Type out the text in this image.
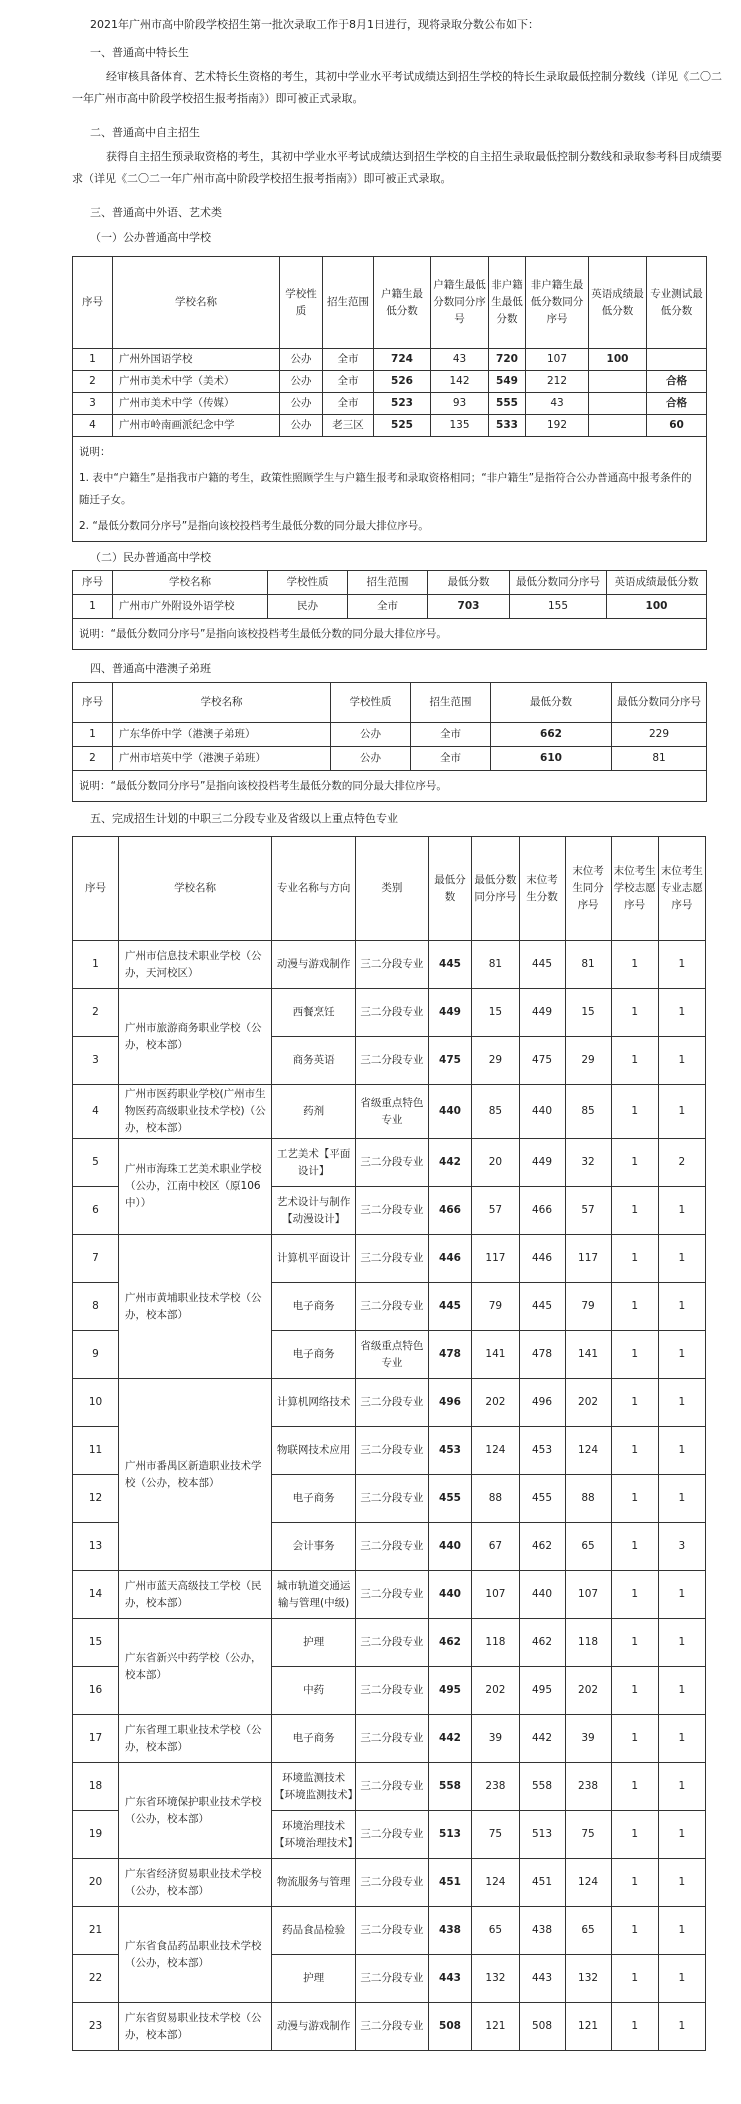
2021年广州市高中阶段学校招生第一批次录取工作于8月1日进行，现将录取分数公布如下：
一、普通高中特长生
经审核具备体育、艺术特长生资格的考生，其初中学业水平考试成绩达到招生学校的特长生录取最低控制分数线（详见《二〇二一年广州市高中阶段学校招生报考指南》）即可被正式录取。
二、普通高中自主招生
获得自主招生预录取资格的考生，其初中学业水平考试成绩达到招生学校的自主招生录取最低控制分数线和录取参考科目成绩要求（详见《二〇二一年广州市高中阶段学校招生报考指南》）即可被正式录取。
三、普通高中外语、艺术类
（一）公办普通高中学校
序号	学校名称	学校性质	招生范围	户籍生最低分数	户籍生最低分数同分序号	非户籍生最低分数	非户籍生最低分数同分序号	英语成绩最低分数	专业测试最低分数
1	广州外国语学校	公办	全市	724	43	720	107	100	
2	广州市美术中学（美术）	公办	全市	526	142	549	212		合格
3	广州市美术中学（传媒）	公办	全市	523	93	555	43		合格
4	广州市岭南画派纪念中学	公办	老三区	525	135	533	192		60

说明：
1. 表中“户籍生”是指我市户籍的考生，政策性照顾学生与户籍生报考和录取资格相同；“非户籍生”是指符合公办普通高中报考条件的随迁子女。
2. “最低分数同分序号”是指向该校投档考生最低分数的同分最大排位序号。									
（二）民办普通高中学校
序号	学校名称	学校性质	招生范围	最低分数	最低分数同分序号	英语成绩最低分数
1	广州市广外附设外语学校	民办	全市	703	155	100
说明：“最低分数同分序号”是指向该校投档考生最低分数的同分最大排位序号。						
四、普通高中港澳子弟班
序号	学校名称	学校性质	招生范围	最低分数	最低分数同分序号
1	广东华侨中学（港澳子弟班）	公办	全市	662	229
2	广州市培英中学（港澳子弟班）	公办	全市	610	81
说明：“最低分数同分序号”是指向该校投档考生最低分数的同分最大排位序号。					
五、完成招生计划的中职三二分段专业及省级以上重点特色专业
序号	学校名称	专业名称与方向	类别	最低分数	最低分数同分序号	末位考生分数	末位考生同分序号	末位考生学校志愿序号	末位考生专业志愿序号
1	广州市信息技术职业学校（公办，天河校区）	动漫与游戏制作	三二分段专业	445	81	445	81	1	1
2	广州市旅游商务职业学校（公办，校本部）	西餐烹饪	三二分段专业	449	15	449	15	1	1
3		商务英语	三二分段专业	475	29	475	29	1	1
4	广州市医药职业学校(广州市生物医药高级职业技术学校)（公办，校本部）	药剂	省级重点特色专业	440	85	440	85	1	1
5	广州市海珠工艺美术职业学校（公办，江南中校区（原106中））	工艺美术【平面设计】	三二分段专业	442	20	449	32	1	2
6		艺术设计与制作【动漫设计】	三二分段专业	466	57	466	57	1	1
7	广州市黄埔职业技术学校（公办，校本部）	计算机平面设计	三二分段专业	446	117	446	117	1	1
8		电子商务	三二分段专业	445	79	445	79	1	1
9		电子商务	省级重点特色专业	478	141	478	141	1	1
10	广州市番禺区新造职业技术学校（公办，校本部）	计算机网络技术	三二分段专业	496	202	496	202	1	1
11		物联网技术应用	三二分段专业	453	124	453	124	1	1
12		电子商务	三二分段专业	455	88	455	88	1	1
13		会计事务	三二分段专业	440	67	462	65	1	3
14	广州市蓝天高级技工学校（民办，校本部）	城市轨道交通运输与管理(中级)	三二分段专业	440	107	440	107	1	1
15	广东省新兴中药学校（公办，校本部）	护理	三二分段专业	462	118	462	118	1	1
16		中药	三二分段专业	495	202	495	202	1	1
17	广东省理工职业技术学校（公办，校本部）	电子商务	三二分段专业	442	39	442	39	1	1
18	广东省环境保护职业技术学校（公办，校本部）	环境监测技术【环境监测技术】	三二分段专业	558	238	558	238	1	1
19		环境治理技术【环境治理技术】	三二分段专业	513	75	513	75	1	1
20	广东省经济贸易职业技术学校（公办，校本部）	物流服务与管理	三二分段专业	451	124	451	124	1	1
21	广东省食品药品职业技术学校（公办，校本部）	药品食品检验	三二分段专业	438	65	438	65	1	1
22		护理	三二分段专业	443	132	443	132	1	1
23	广东省贸易职业技术学校（公办，校本部）	动漫与游戏制作	三二分段专业	508	121	508	121	1	1
